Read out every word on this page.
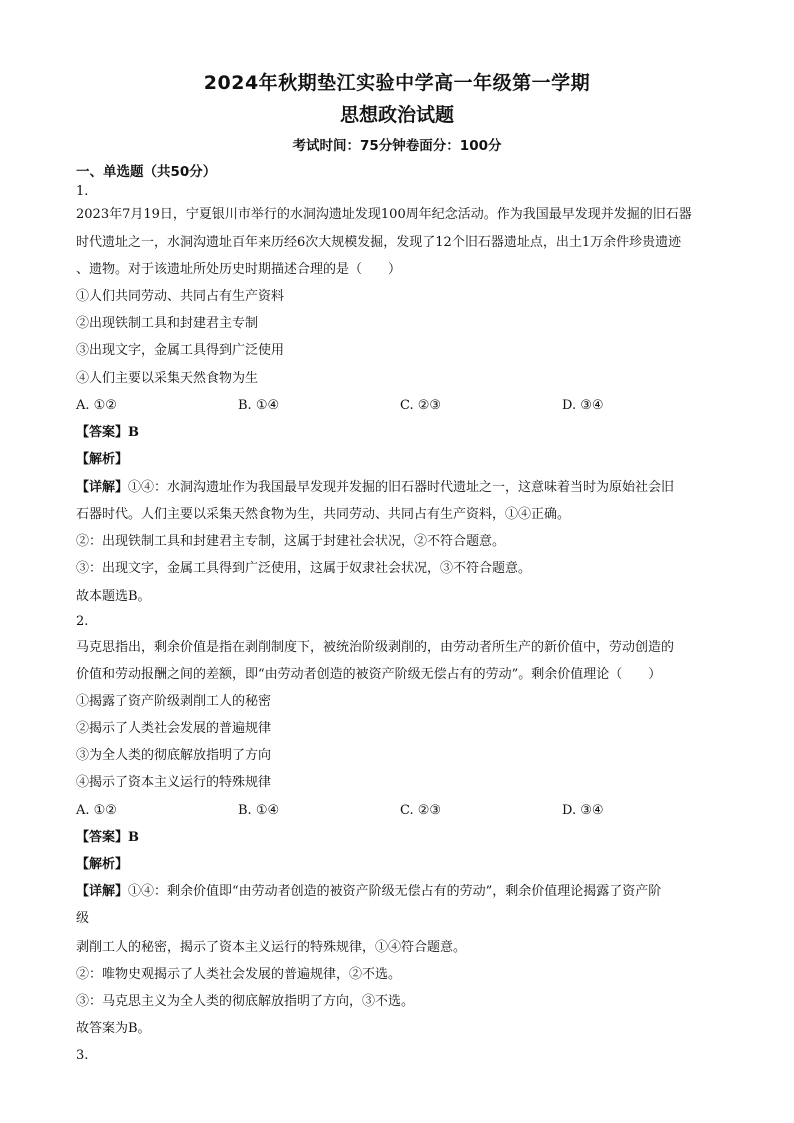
2024年秋期垫江实验中学高一年级第一学期
思想政治试题
考试时间：75分钟卷面分：100分
一、单选题（共50分）
1.
2023年7月19日，宁夏银川市举行的水洞沟遗址发现100周年纪念活动。作为我国最早发现并发掘的旧石器
时代遗址之一，水洞沟遗址百年来历经6次大规模发掘，发现了12个旧石器遗址点，出土1万余件珍贵遗迹
、遗物。对于该遗址所处历史时期描述合理的是（　　）
①人们共同劳动、共同占有生产资料
②出现铁制工具和封建君主专制
③出现文字，金属工具得到广泛使用
④人们主要以采集天然食物为生
A. ①②	B. ①④	C. ②③	D. ③④
【答案】B
【解析】
【详解】①④：水洞沟遗址作为我国最早发现并发掘的旧石器时代遗址之一，这意味着当时为原始社会旧
石器时代。人们主要以采集天然食物为生，共同劳动、共同占有生产资料，①④正确。
②：出现铁制工具和封建君主专制，这属于封建社会状况，②不符合题意。
③：出现文字，金属工具得到广泛使用，这属于奴隶社会状况，③不符合题意。
故本题选B。
2.
马克思指出，剩余价值是指在剥削制度下，被统治阶级剥削的，由劳动者所生产的新价值中，劳动创造的
价值和劳动报酬之间的差额，即“由劳动者创造的被资产阶级无偿占有的劳动”。剩余价值理论（　　）
①揭露了资产阶级剥削工人的秘密
②揭示了人类社会发展的普遍规律
③为全人类的彻底解放指明了方向
④揭示了资本主义运行的特殊规律
A. ①②	B. ①④	C. ②③	D. ③④
【答案】B
【解析】
【详解】①④：剩余价值即“由劳动者创造的被资产阶级无偿占有的劳动”，剩余价值理论揭露了资产阶
级
剥削工人的秘密，揭示了资本主义运行的特殊规律，①④符合题意。
②：唯物史观揭示了人类社会发展的普遍规律，②不选。
③：马克思主义为全人类的彻底解放指明了方向，③不选。
故答案为B。
3.
